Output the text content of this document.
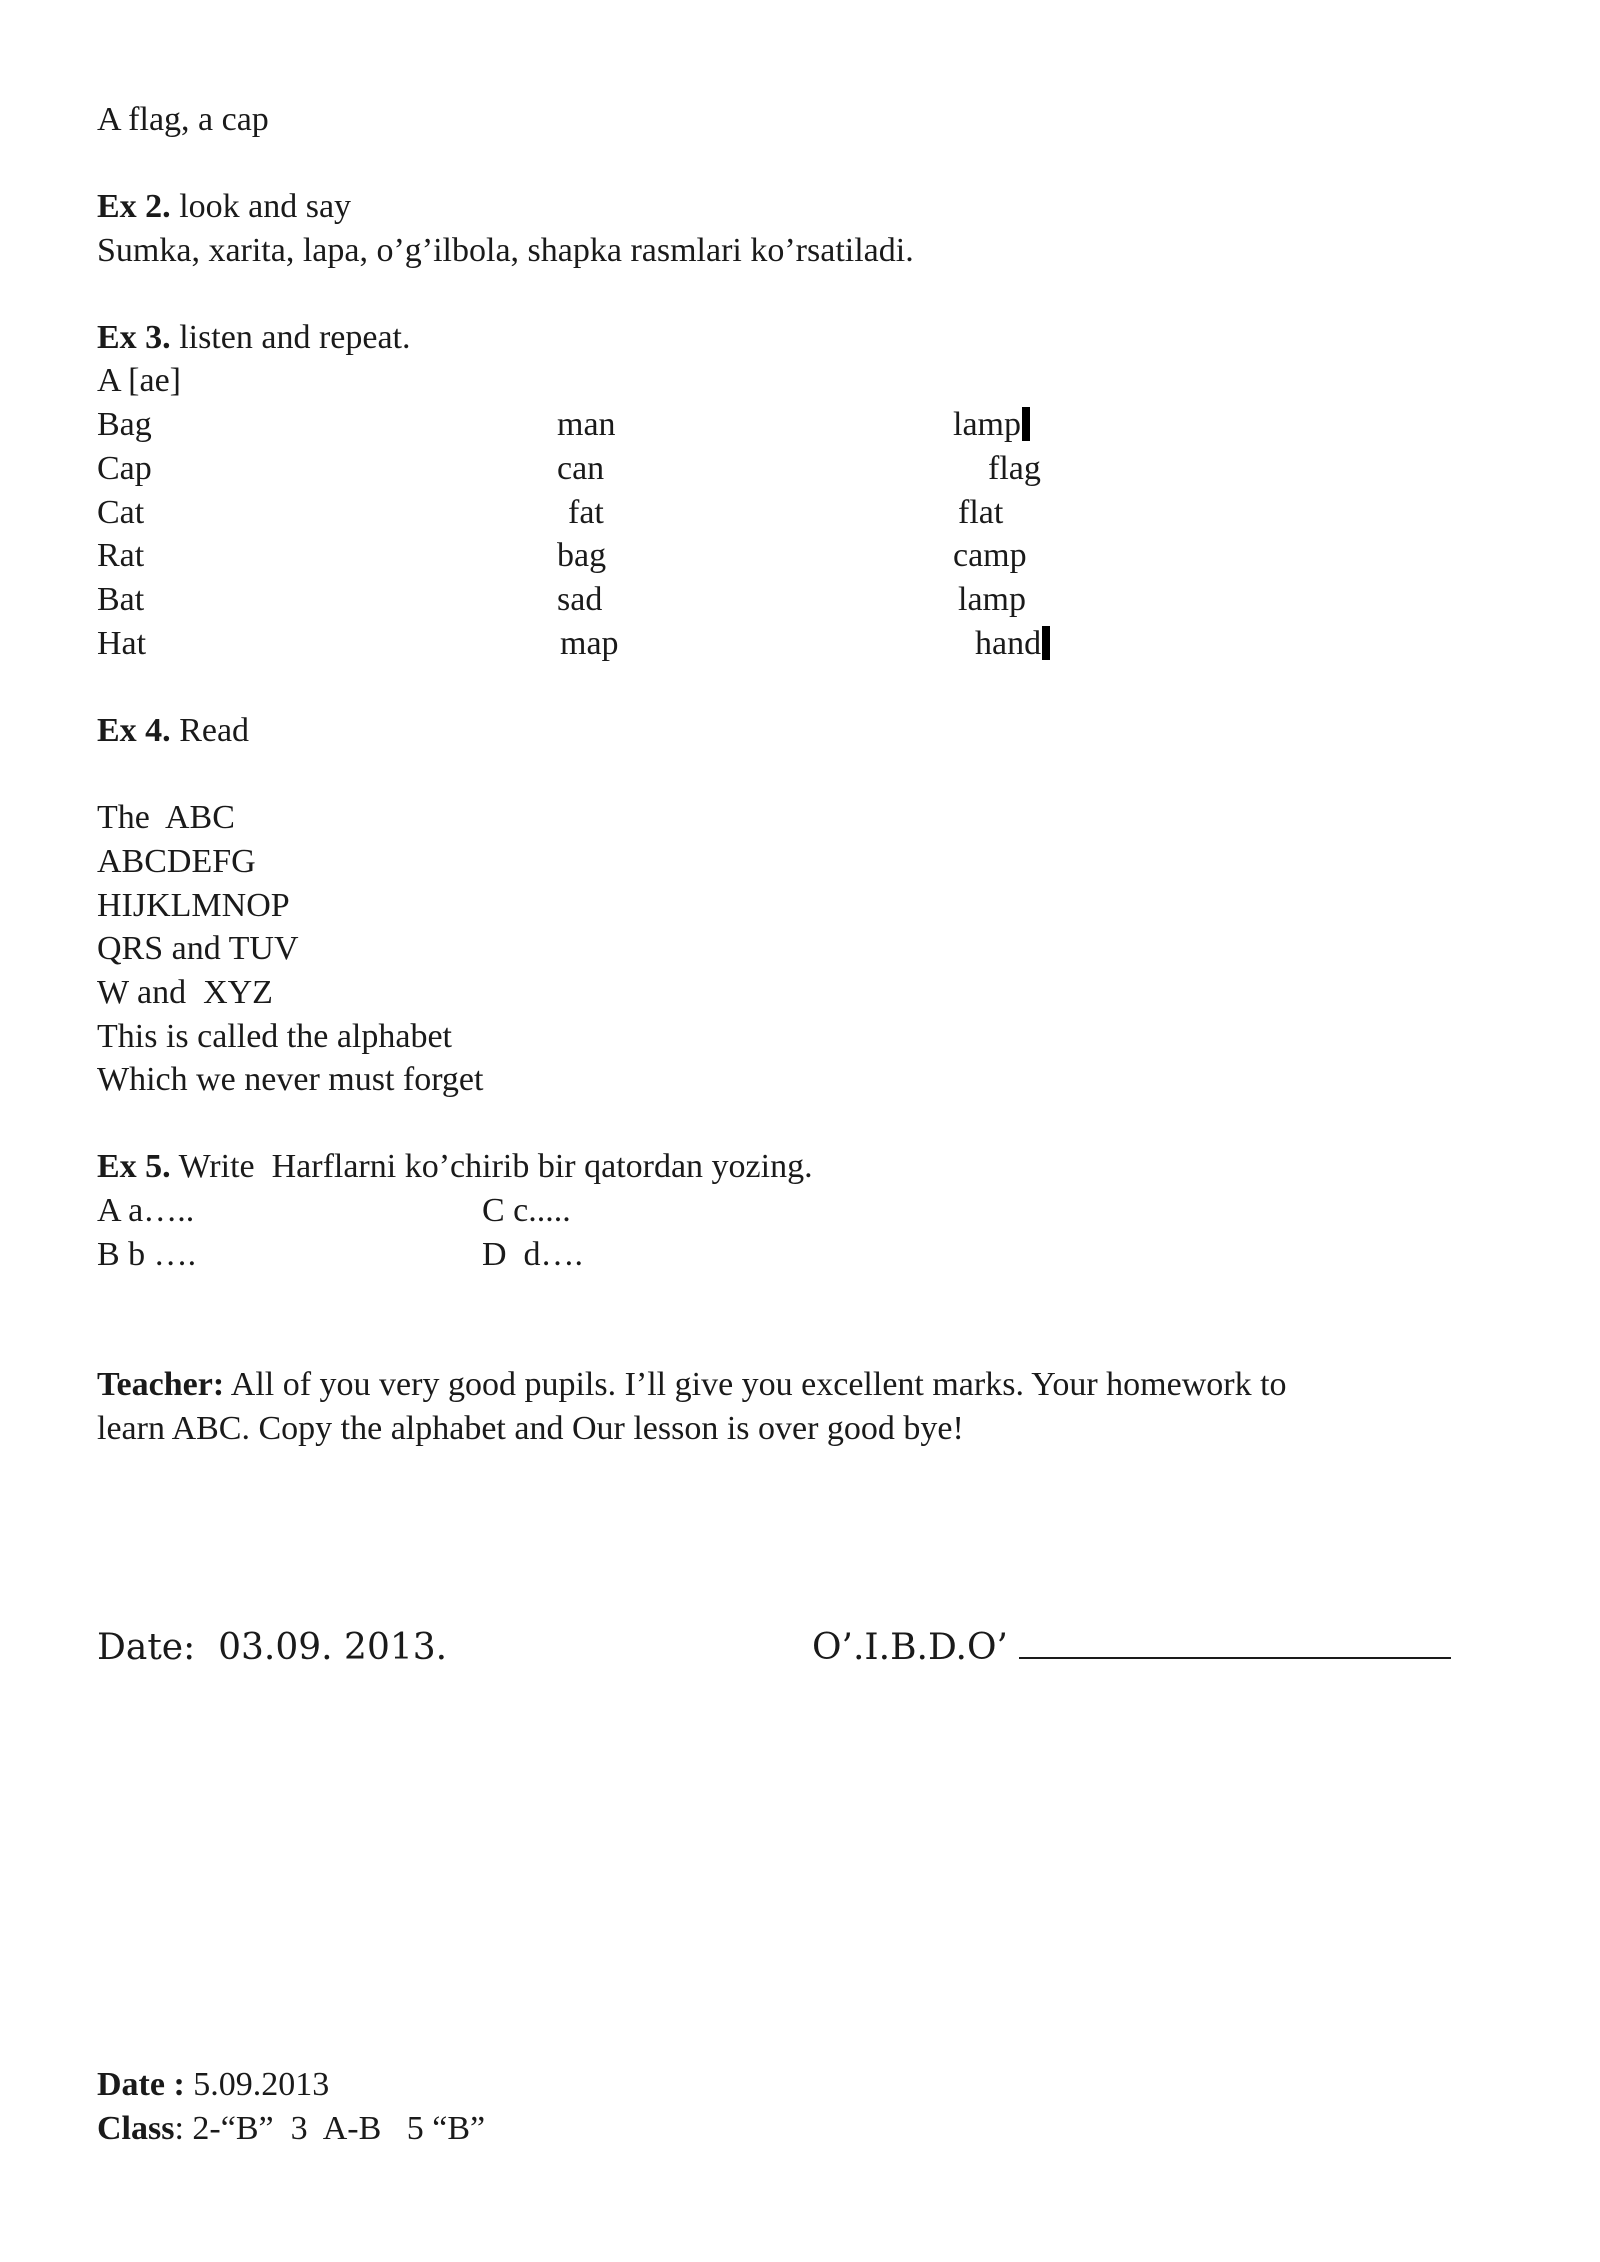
A flag, a cap
Ex 2. look and say
Sumka, xarita, lapa, o’g’ilbola, shapka rasmlari ko’rsatiladi.
Ex 3. listen and repeat.
A [ae]
Bag	man	lamp
Cap	can	flag
Cat	fat	flat
Rat	bag	camp
Bat	sad	lamp
Hat	map	hand
Ex 4. Read
The  ABC
ABCDEFG
HIJKLMNOP
QRS and TUV
W and  XYZ
This is called the alphabet
Which we never must forget
Ex 5. Write  Harflarni ko’chirib bir qatordan yozing.
A a…..	C c.....
B b ….	D  d….
Teacher: All of you very good pupils. I’ll give you excellent marks. Your homework to
learn ABC. Copy the alphabet and Our lesson is over good bye!
Date:  03.09. 2013.	O’.I.B.D.O’
Date : 5.09.2013
Class: 2-“B”  3  A-B   5 “B”
